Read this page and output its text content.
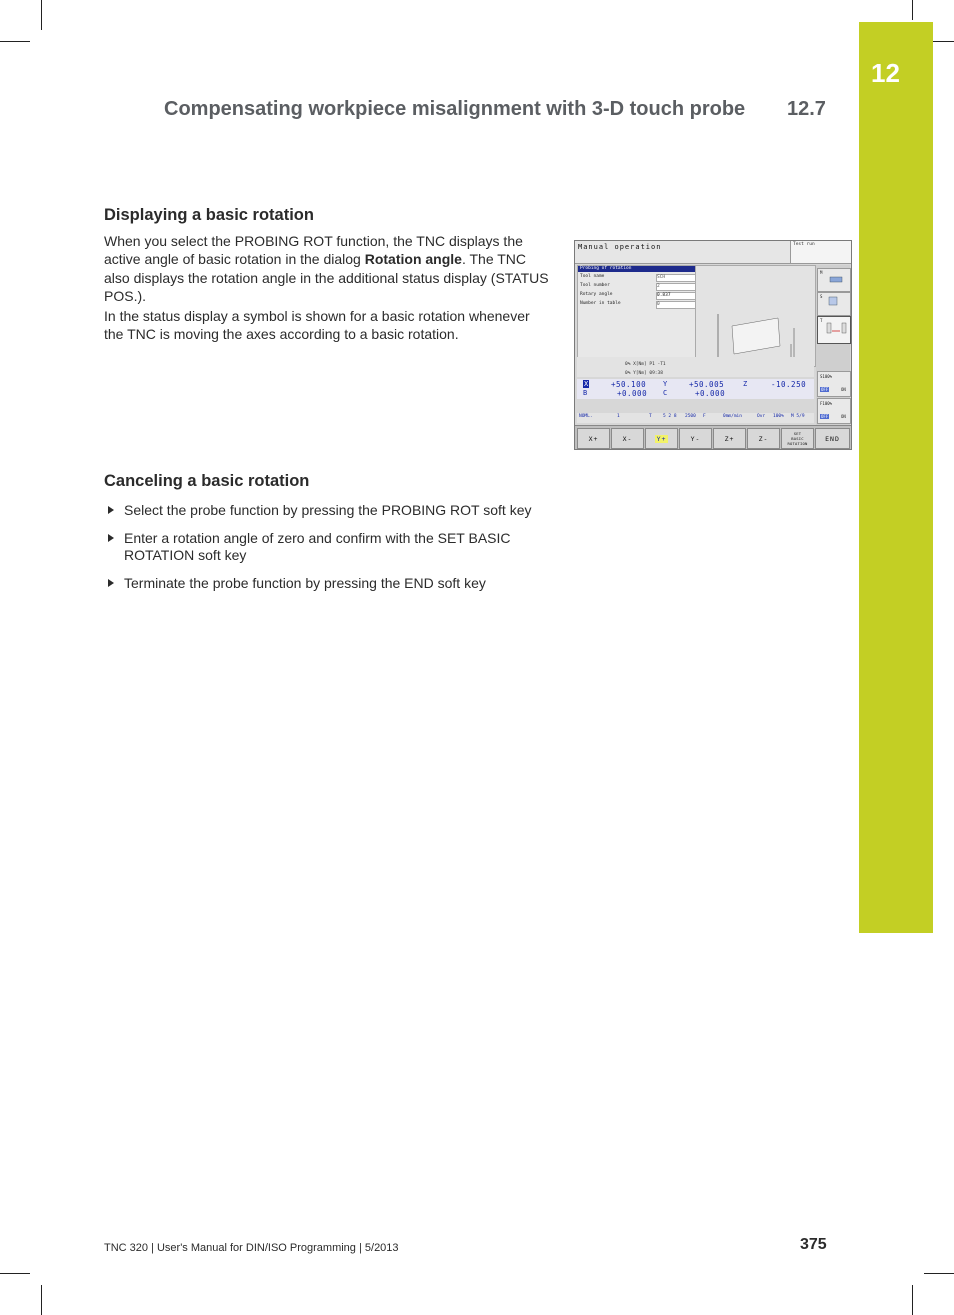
12
Compensating workpiece misalignment with 3-D touch probe 12.7
Displaying a basic rotation

When you select the PROBING ROT function, the TNC displays the active angle of basic rotation in the dialog Rotation angle. The TNC also displays the rotation angle in the additional status display (STATUS POS.).

In the status display a symbol is shown for a basic rotation whenever the TNC is moving the axes according to a basic rotation.

Manual operation	Test run
Probing of rotation
Tool name	SCH
Tool number	2
Rotary angle	0.837
Number in table	0
M
S
T
S100%
OFF	ON
F100%
OFF	ON
0% X[Nm] P1 -T1
0% Y[Nm] 09:38
X	+50.100 Y	+50.005	Z	-10.250
B	+0.000 C	+0.000
NOML.	1	T	5 2 8 2500 F	0mm/min	Ovr 100% M 5/9
X+	X-	Y+	Y-	Z+	Z-
SET
BASIC
ROTATION
END
Canceling a basic rotation
Select the probe function by pressing the PROBING ROT soft key
Enter a rotation angle of zero and confirm with the SET BASIC ROTATION soft key
Terminate the probe function by pressing the END soft key
TNC 320 | User's Manual for DIN/ISO Programming | 5/2013	375
